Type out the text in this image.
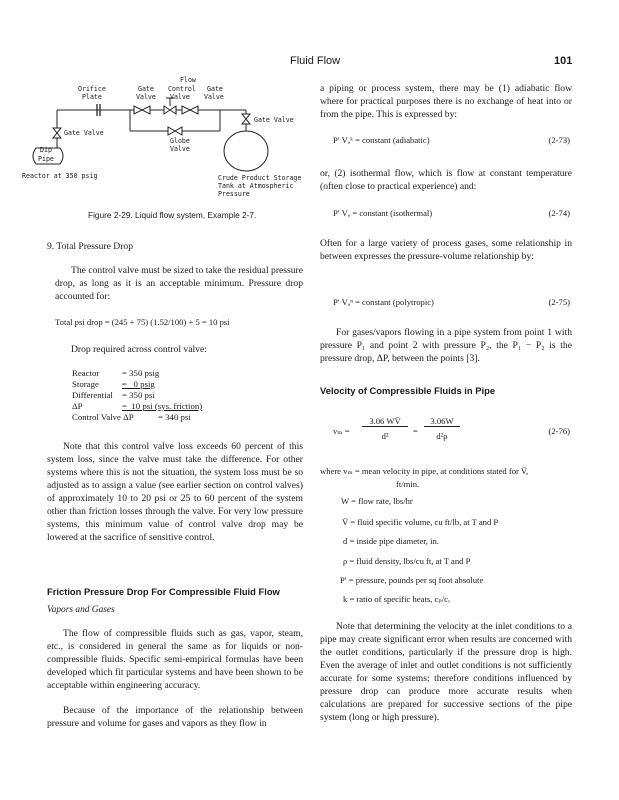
Fluid Flow	101
Flow
Orifice
Plate
Gate
Valve
Control
Valve
Gate
Valve
Gate Valve
Gate Valve
Globe
Valve
Dip
Pipe
Reactor at 350 psig	Crude Product Storage
Tank at Atmospheric
Pressure
Figure 2-29. Liquid flow system, Example 2-7.
9. Total Pressure Drop
The control valve must be sized to take the residual pressure drop, as long as it is an acceptable minimum. Pressure drop accounted for:
Total psi drop = (245 + 75) (1.52/100) + 5 = 10 psi
Drop required across control valve:
Reactor	= 350 psig
Storage	=   0 psig
Differential = 350 psi
ΔP	=  10 psi (sys. friction)
Control Valve ΔP	= 340 psi
Note that this control valve loss exceeds 60 percent of this system loss, since the valve must take the difference. For other systems where this is not the situation, the system loss must be so adjusted as to assign a value (see earlier section on control valves) of approximately 10 to 20 psi or 25 to 60 percent of the system other than friction losses through the valve. For very low pressure systems, this minimum value of control valve drop may be lowered at the sacrifice of sensitive control.
Friction Pressure Drop For Compressible Fluid Flow
Vapors and Gases
The flow of compressible fluids such as gas, vapor, steam, etc., is considered in general the same as for liquids or non-compressible fluids. Specific semi-empirical formulas have been developed which fit particular systems and have been shown to be acceptable within engineering accuracy.
Because of the importance of the relationship between pressure and volume for gases and vapors as they flow in
a piping or process system, there may be (1) adiabatic flow where for practical purposes there is no exchange of heat into or from the pipe. This is expressed by:
P′ Vₐᵏ = constant (adiabatic)	(2-73)
or, (2) isothermal flow, which is flow at constant temperature (often close to practical experience) and:
P′ Vₐ = constant (isothermal)	(2-74)
Often for a large variety of process gases, some relationship in between expresses the pressure-volume relationship by:
P′ Vₐⁿ = constant (polytropic)	(2-75)
For gases/vapors flowing in a pipe system from point 1 with pressure P₁ and point 2 with pressure P₂, the P₁ − P₂ is the pressure drop, ΔP, between the points [3].
Velocity of Compressible Fluids in Pipe
vₘ =
3.06 WV̄
d²	=
3.06W
d²ρ	(2-76)
where vₘ = mean velocity in pipe, at conditions stated for V̄,
ft/min.
W = flow rate, lbs/hr
V̄ = fluid specific volume, cu ft/lb, at T and P
d = inside pipe diameter, in.
ρ = fluid density, lbs/cu ft, at T and P
P′ = pressure, pounds per sq foot absolute
k = ratio of specific heats, cₚ/cᵥ
Note that determining the velocity at the inlet conditions to a pipe may create significant error when results are concerned with the outlet conditions, particularly if the pressure drop is high. Even the average of inlet and outlet conditions is not sufficiently accurate for some systems; therefore conditions influenced by pressure drop can produce more accurate results when calculations are prepared for successive sections of the pipe system (long or high pressure).
